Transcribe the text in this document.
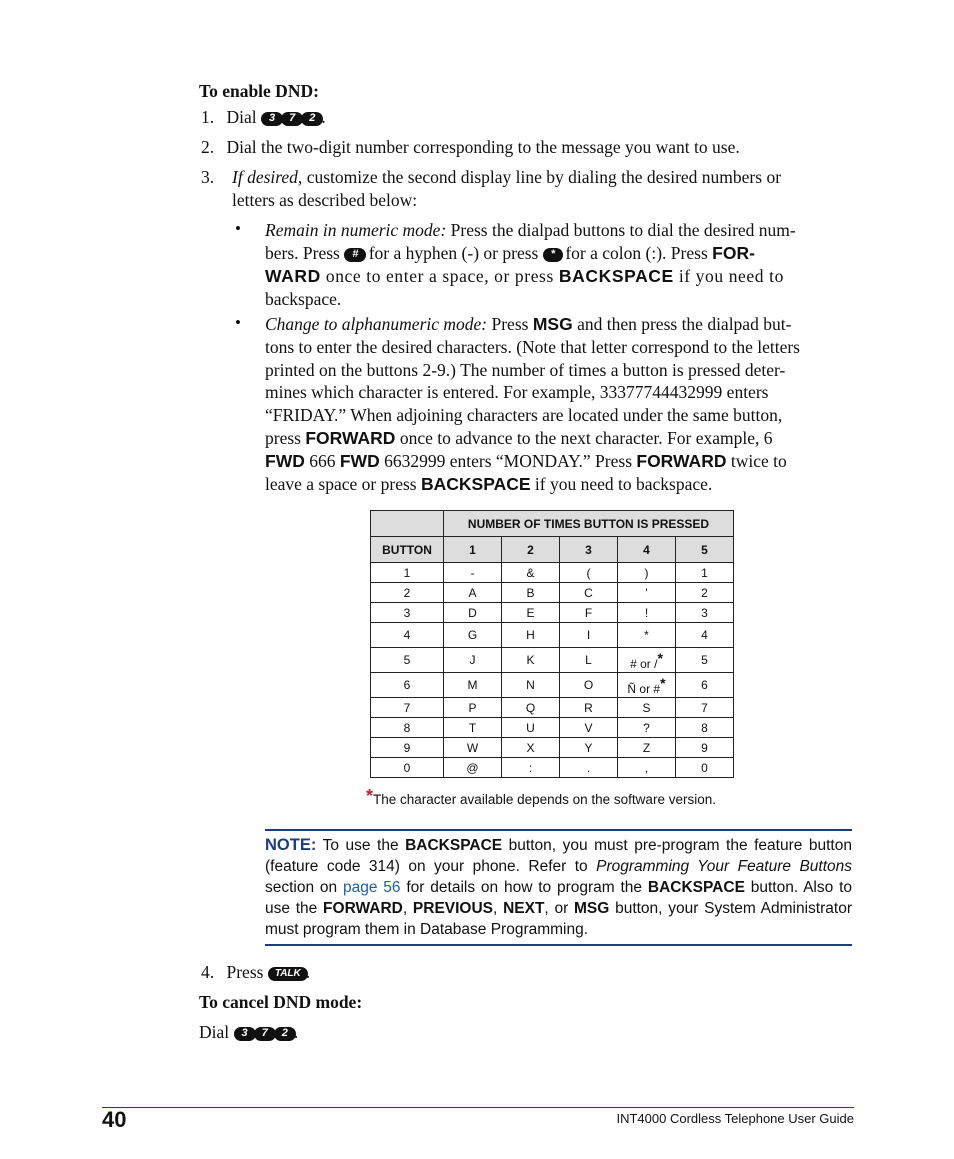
To enable DND:
1. Dial 3 7 2 .
2. Dial the two-digit number corresponding to the message you want to use.
3. If desired, customize the second display line by dialing the desired numbers or
letters as described below:
• Remain in numeric mode: Press the dialpad buttons to dial the desired num-
bers. Press # for a hyphen (-) or press * for a colon (:). Press FOR-
WARD once to enter a space, or press BACKSPACE if you need to
backspace.
• Change to alphanumeric mode: Press MSG and then press the dialpad but-
tons to enter the desired characters. (Note that letter correspond to the letters
printed on the buttons 2-9.) The number of times a button is pressed deter-
mines which character is entered. For example, 33377744432999 enters
“FRIDAY.” When adjoining characters are located under the same button,
press FORWARD once to advance to the next character. For example, 6
FWD 666 FWD 6632999 enters “MONDAY.” Press FORWARD twice to
leave a space or press BACKSPACE if you need to backspace.
	NUMBER OF TIMES BUTTON IS PRESSED				
BUTTON	1	2	3	4	5
1	-	&	(	)	1
2	A	B	C	'	2
3	D	E	F	!	3
4	G	H	I	*	4
5	J	K	L	# or /*	5
6	M	N	O	Ñ or #*	6
7	P	Q	R	S	7
8	T	U	V	?	8
9	W	X	Y	Z	9
0	@	:	.	,	0
*The character available depends on the software version.
NOTE: To use the BACKSPACE button, you must pre-program the feature button (feature code 314) on your phone. Refer to Programming Your Feature Buttons section on page 56 for details on how to program the BACKSPACE button. Also to use the FORWARD, PREVIOUS, NEXT, or MSG button, your System Administrator must program them in Database Programming.
4. Press TALK .
To cancel DND mode:
Dial 3 7 2 .
40	INT4000 Cordless Telephone User Guide
